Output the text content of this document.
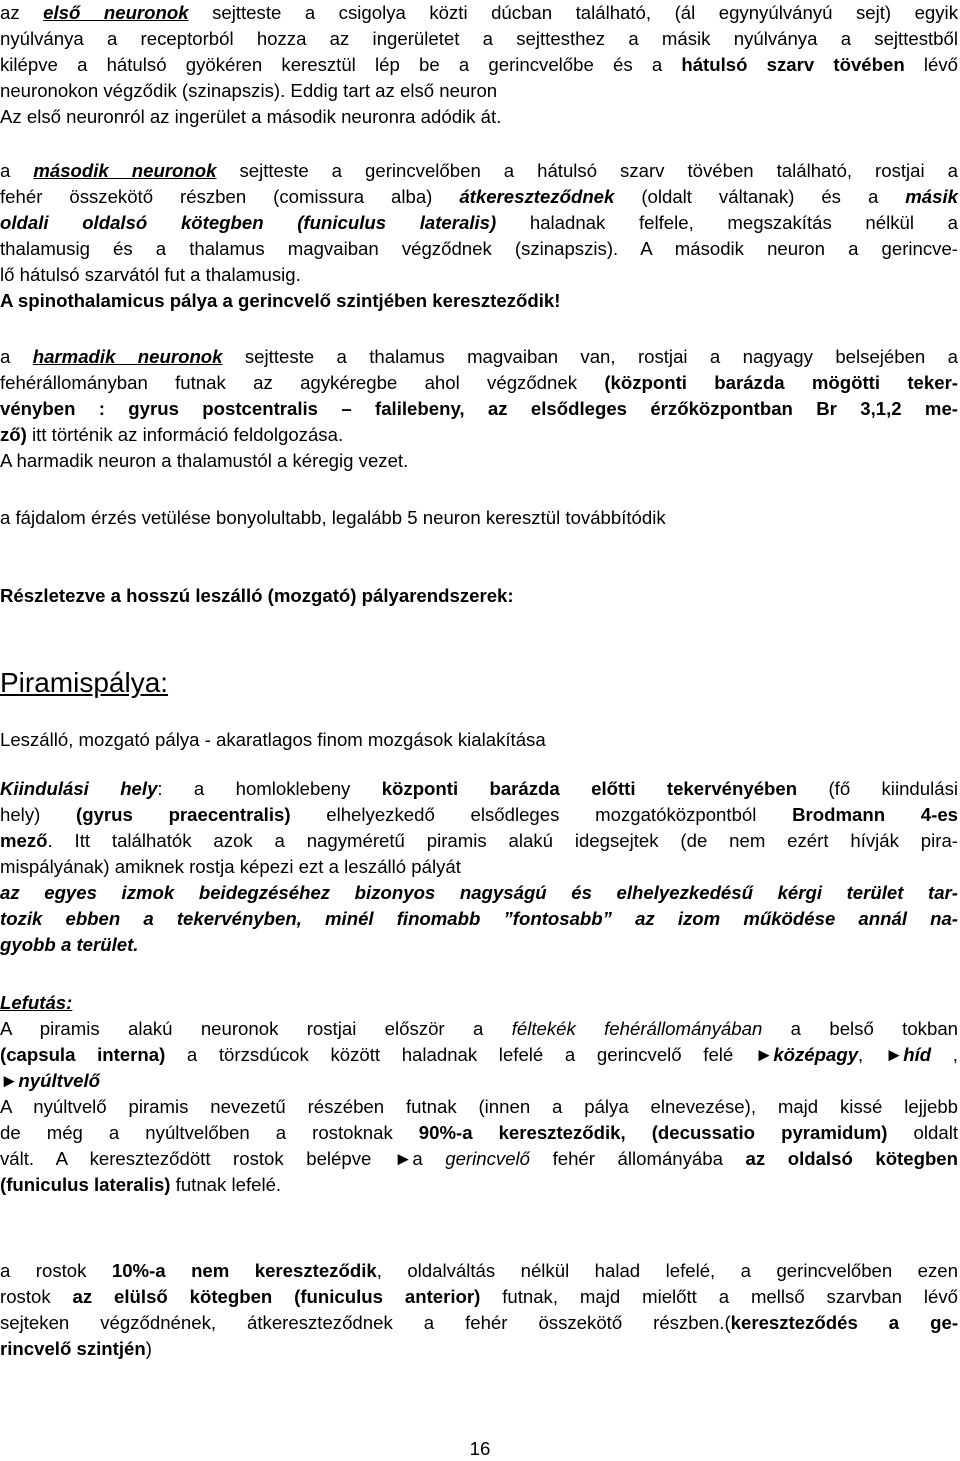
az első neuronok sejtteste a csigolya közti dúcban található, (ál egynyúlványú sejt) egyik
nyúlványa a receptorból hozza az ingerületet a sejttesthez a másik nyúlványa a sejttestből
kilépve a hátulsó gyökéren keresztül lép be a gerincvelőbe és a hátulsó szarv tövében lévő
neuronokon végződik (szinapszis). Eddig tart az első neuron
Az első neuronról az ingerület a második neuronra adódik át.
a második neuronok sejtteste a gerincvelőben a hátulsó szarv tövében található, rostjai a
fehér összekötő részben (comissura alba) átkereszteződnek (oldalt váltanak) és a másik
oldali oldalsó kötegben (funiculus lateralis) haladnak felfele, megszakítás nélkül a
thalamusig és a thalamus magvaiban végződnek (szinapszis). A második neuron a gerincve-
lő hátulsó szarvától fut a thalamusig.
A spinothalamicus pálya a gerincvelő szintjében kereszteződik!
a harmadik neuronok sejtteste a thalamus magvaiban van, rostjai a nagyagy belsejében a
fehérállományban futnak az agykéregbe ahol végződnek (központi barázda mögötti teker-
vényben : gyrus postcentralis – falilebeny, az elsődleges érzőközpontban Br 3,1,2 me-
ző) itt történik az információ feldolgozása.
A harmadik neuron a thalamustól a kéregig vezet.
a fájdalom érzés vetülése bonyolultabb, legalább 5 neuron keresztül továbbítódik
Részletezve a hosszú leszálló (mozgató) pályarendszerek:
Piramispálya:
Leszálló, mozgató pálya - akaratlagos finom mozgások kialakítása
Kiindulási hely: a homloklebeny központi barázda előtti tekervényében (fő kiindulási
hely) (gyrus praecentralis) elhelyezkedő elsődleges mozgatóközpontból Brodmann 4-es
mező. Itt találhatók azok a nagyméretű piramis alakú idegsejtek (de nem ezért hívják pira-
mispályának) amiknek rostja képezi ezt a leszálló pályát
az egyes izmok beidegzéséhez bizonyos nagyságú és elhelyezkedésű kérgi terület tar-
tozik ebben a tekervényben, minél finomabb ”fontosabb” az izom működése annál na-
gyobb a terület.
Lefutás:
A piramis alakú neuronok rostjai először a féltekék fehérállományában a belső tokban
(capsula interna) a törzsdúcok között haladnak lefelé a gerincvelő felé ►középagy, ►híd ,
►nyúltvelő
A nyúltvelő piramis nevezetű részében futnak (innen a pálya elnevezése), majd kissé lejjebb
de még a nyúltvelőben a rostoknak 90%-a kereszteződik, (decussatio pyramidum) oldalt
vált. A kereszteződött rostok belépve ►a gerincvelő fehér állományába az oldalsó kötegben
(funiculus lateralis) futnak lefelé.
a rostok 10%-a nem kereszteződik, oldalváltás nélkül halad lefelé, a gerincvelőben ezen
rostok az elülső kötegben (funiculus anterior) futnak, majd mielőtt a mellső szarvban lévő
sejteken végződnének, átkereszteződnek a fehér összekötő részben.(kereszteződés a ge-
rincvelő szintjén)
16
